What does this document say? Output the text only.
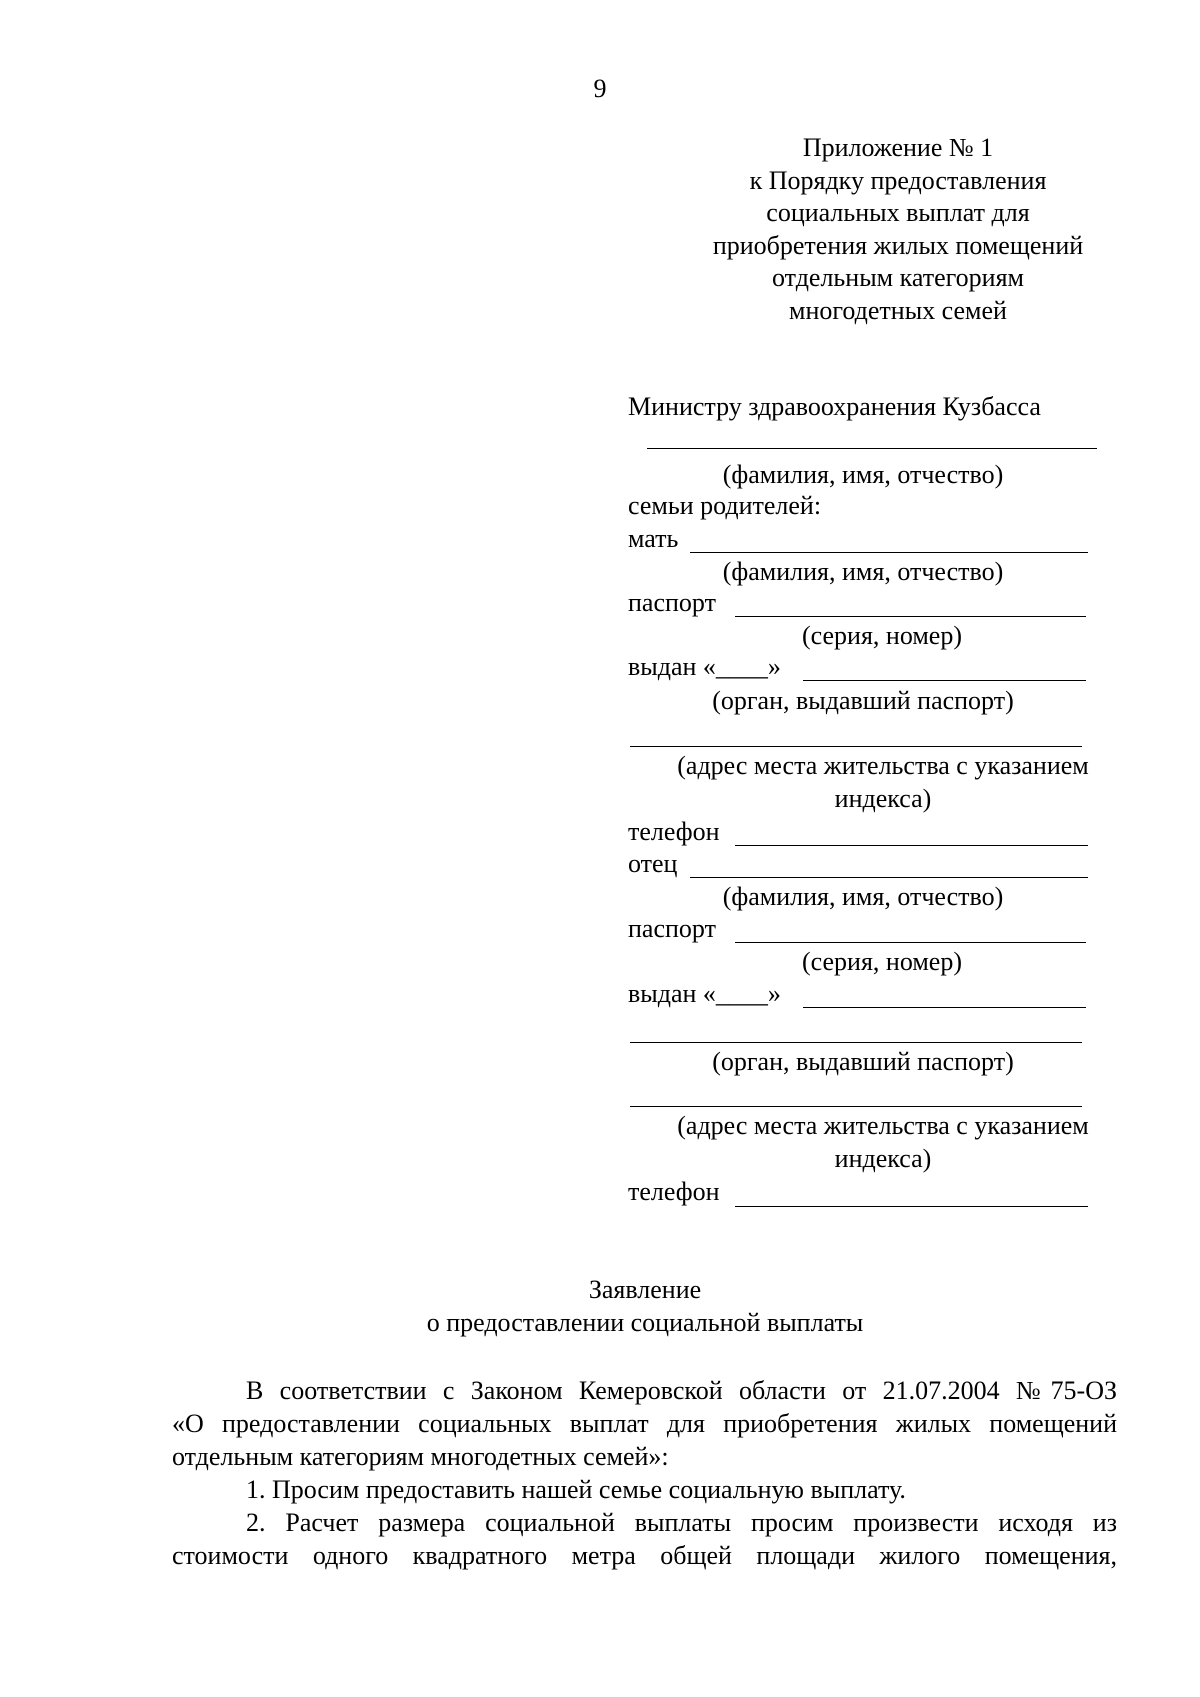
9
Приложение № 1
к Порядку предоставления
социальных выплат для
приобретения жилых помещений
отдельным категориям
многодетных семей
Министру здравоохранения Кузбасса
(фамилия, имя, отчество)
семьи родителей:
мать
(фамилия, имя, отчество)
паспорт
(серия, номер)
выдан «____»
(орган, выдавший паспорт)
(адрес места жительства с указанием
индекса)
телефон
отец
(фамилия, имя, отчество)
паспорт
(серия, номер)
выдан «____»
(орган, выдавший паспорт)
(адрес места жительства с указанием
индекса)
телефон
Заявление
о предоставлении социальной выплаты
В соответствии с Законом Кемеровской области от 21.07.2004 №75-ОЗ
«О предоставлении социальных выплат для приобретения жилых помещений
отдельным категориям многодетных семей»:
1. Просим предоставить нашей семье социальную выплату.
2. Расчет размера социальной выплаты просим произвести исходя из
стоимости одного квадратного метра общей площади жилого помещения,
